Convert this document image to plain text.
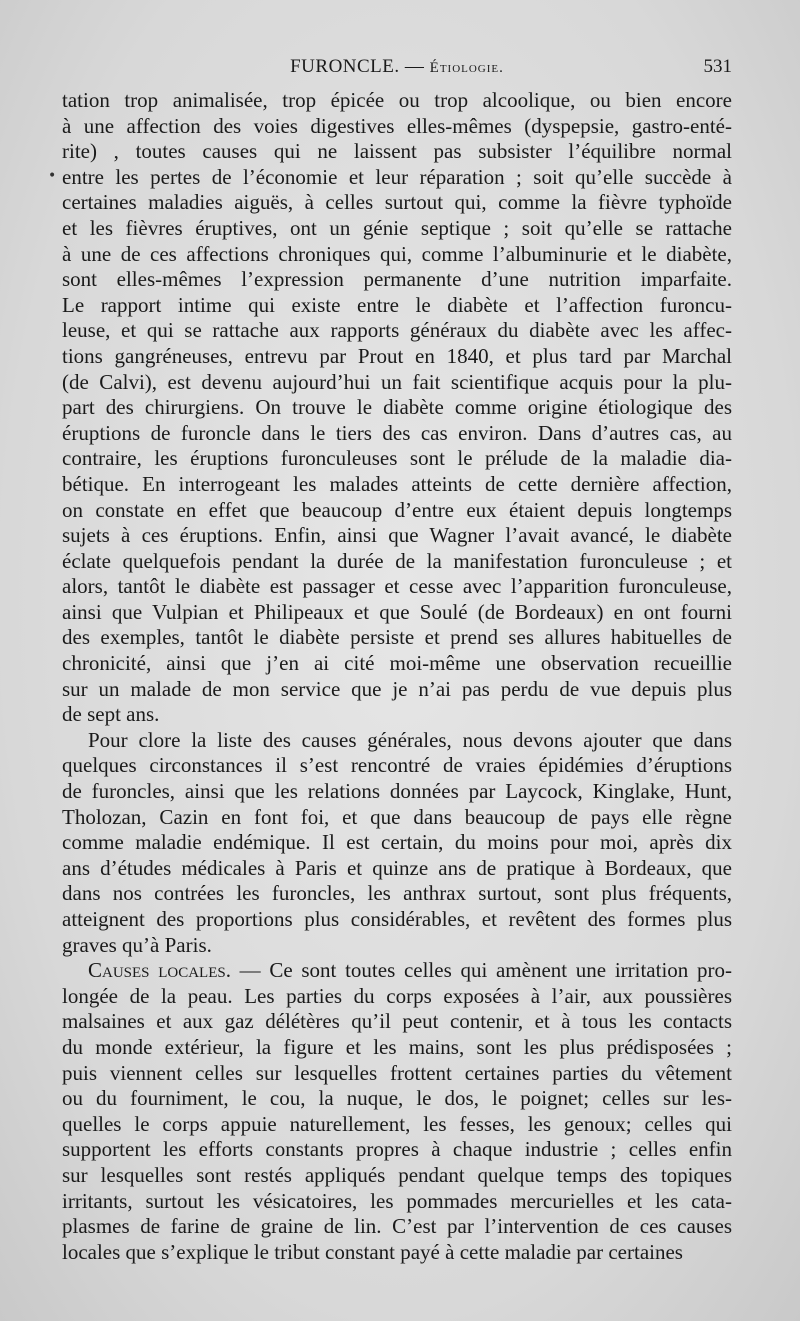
FURONCLE. — Étiologie.	531
•
tation trop animalisée, trop épicée ou trop alcoolique, ou bien encore
à une affection des voies digestives elles-mêmes (dyspepsie, gastro-enté-
rite) , toutes causes qui ne laissent pas subsister l’équilibre normal
entre les pertes de l’économie et leur réparation ; soit qu’elle succède à
certaines maladies aiguës, à celles surtout qui, comme la fièvre typhoïde
et les fièvres éruptives, ont un génie septique ; soit qu’elle se rattache
à une de ces affections chroniques qui, comme l’albuminurie et le diabète,
sont elles-mêmes l’expression permanente d’une nutrition imparfaite.
Le rapport intime qui existe entre le diabète et l’affection furoncu-
leuse, et qui se rattache aux rapports généraux du diabète avec les affec-
tions gangréneuses, entrevu par Prout en 1840, et plus tard par Marchal
(de Calvi), est devenu aujourd’hui un fait scientifique acquis pour la plu-
part des chirurgiens. On trouve le diabète comme origine étiologique des
éruptions de furoncle dans le tiers des cas environ. Dans d’autres cas, au
contraire, les éruptions furonculeuses sont le prélude de la maladie dia-
bétique. En interrogeant les malades atteints de cette dernière affection,
on constate en effet que beaucoup d’entre eux étaient depuis longtemps
sujets à ces éruptions. Enfin, ainsi que Wagner l’avait avancé, le diabète
éclate quelquefois pendant la durée de la manifestation furonculeuse ; et
alors, tantôt le diabète est passager et cesse avec l’apparition furonculeuse,
ainsi que Vulpian et Philipeaux et que Soulé (de Bordeaux) en ont fourni
des exemples, tantôt le diabète persiste et prend ses allures habituelles de
chronicité, ainsi que j’en ai cité moi-même une observation recueillie
sur un malade de mon service que je n’ai pas perdu de vue depuis plus
de sept ans.
Pour clore la liste des causes générales, nous devons ajouter que dans
quelques circonstances il s’est rencontré de vraies épidémies d’éruptions
de furoncles, ainsi que les relations données par Laycock, Kinglake, Hunt,
Tholozan, Cazin en font foi, et que dans beaucoup de pays elle règne
comme maladie endémique. Il est certain, du moins pour moi, après dix
ans d’études médicales à Paris et quinze ans de pratique à Bordeaux, que
dans nos contrées les furoncles, les anthrax surtout, sont plus fréquents,
atteignent des proportions plus considérables, et revêtent des formes plus
graves qu’à Paris.
Causes locales. — Ce sont toutes celles qui amènent une irritation pro-
longée de la peau. Les parties du corps exposées à l’air, aux poussières
malsaines et aux gaz délétères qu’il peut contenir, et à tous les contacts
du monde extérieur, la figure et les mains, sont les plus prédisposées ;
puis viennent celles sur lesquelles frottent certaines parties du vêtement
ou du fourniment, le cou, la nuque, le dos, le poignet; celles sur les-
quelles le corps appuie naturellement, les fesses, les genoux; celles qui
supportent les efforts constants propres à chaque industrie ; celles enfin
sur lesquelles sont restés appliqués pendant quelque temps des topiques
irritants, surtout les vésicatoires, les pommades mercurielles et les cata-
plasmes de farine de graine de lin. C’est par l’intervention de ces causes
locales que s’explique le tribut constant payé à cette maladie par certaines
